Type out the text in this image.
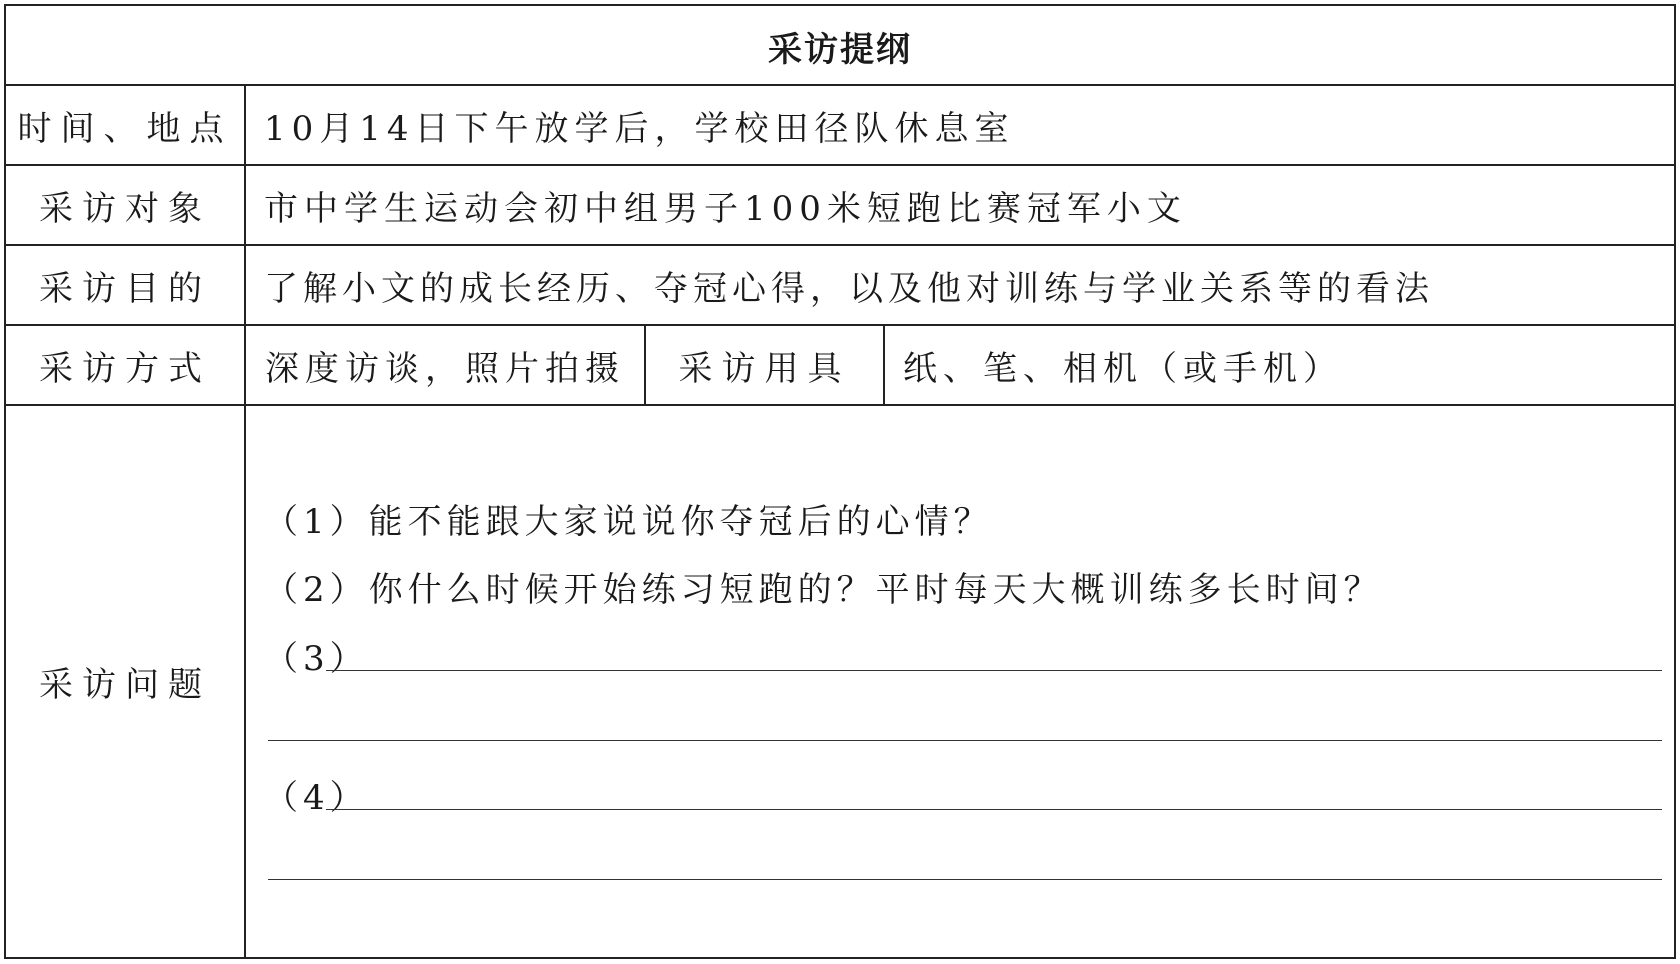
采访提纲
时间、地点 10月14日下午放学后，学校田径队休息室
采访对象	市中学生运动会初中组男子100米短跑比赛冠军小文
采访目的	了解小文的成长经历、夺冠心得，以及他对训练与学业关系等的看法
采访方式	深度访谈，照片拍摄	采访用具	纸、笔、相机（或手机）
采访问题
（1）能不能跟大家说说你夺冠后的心情？
（2）你什么时候开始练习短跑的？平时每天大概训练多长时间？
（3）
（4）
